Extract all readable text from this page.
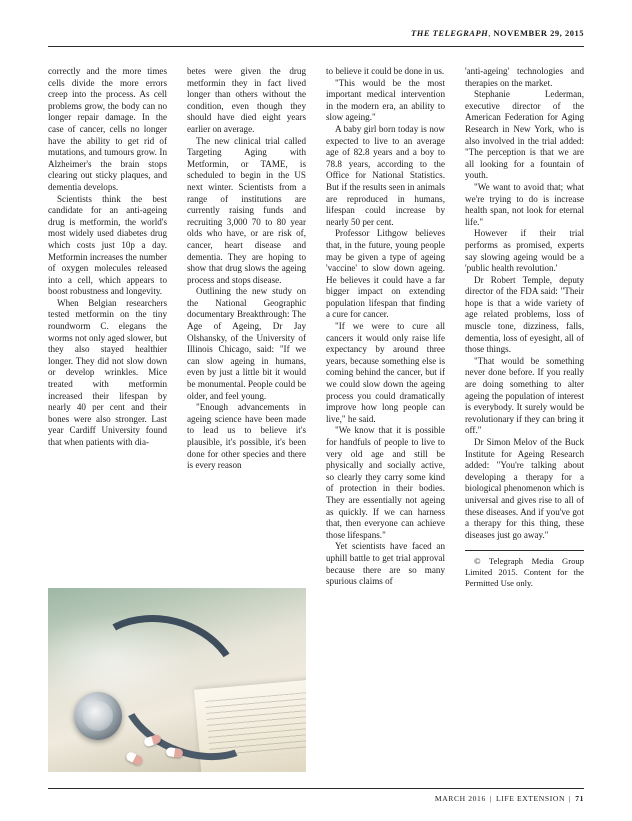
THE TELEGRAPH, NOVEMBER 29, 2015

correctly and the more times cells divide the more errors creep into the process. As cell problems grow, the body can no longer repair damage. In the case of cancer, cells no longer have the ability to get rid of mutations, and tumours grow. In Alzheimer's the brain stops clearing out sticky plaques, and dementia develops.

Scientists think the best candidate for an anti-ageing drug is metformin, the world's most widely used diabetes drug which costs just 10p a day. Metformin increases the number of oxygen molecules released into a cell, which appears to boost robustness and longevity.

When Belgian researchers tested metformin on the tiny roundworm C. elegans the worms not only aged slower, but they also stayed healthier longer. They did not slow down or develop wrinkles. Mice treated with metformin increased their lifespan by nearly 40 per cent and their bones were also stronger. Last year Cardiff University found that when patients with dia-

betes were given the drug metformin they in fact lived longer than others without the condition, even though they should have died eight years earlier on average.

The new clinical trial called Targeting Aging with Metformin, or TAME, is scheduled to begin in the US next winter. Scientists from a range of institutions are currently raising funds and recruiting 3,000 70 to 80 year olds who have, or are risk of, cancer, heart disease and dementia. They are hoping to show that drug slows the ageing process and stops disease.

Outlining the new study on the National Geographic documentary Breakthrough: The Age of Ageing, Dr Jay Olshansky, of the University of Illinois Chicago, said: "If we can slow ageing in humans, even by just a little bit it would be monumental. People could be older, and feel young.

"Enough advancements in ageing science have been made to lead us to believe it's plausible, it's possible, it's been done for other species and there is every reason

to believe it could be done in us.

"This would be the most important medical intervention in the modern era, an ability to slow ageing."

A baby girl born today is now expected to live to an average age of 82.8 years and a boy to 78.8 years, according to the Office for National Statistics. But if the results seen in animals are reproduced in humans, lifespan could increase by nearly 50 per cent.

Professor Lithgow believes that, in the future, young people may be given a type of ageing 'vaccine' to slow down ageing. He believes it could have a far bigger impact on extending population lifespan that finding a cure for cancer.

"If we were to cure all cancers it would only raise life expectancy by around three years, because something else is coming behind the cancer, but if we could slow down the ageing process you could dramatically improve how long people can live," he said.

"We know that it is possible for handfuls of people to live to very old age and still be physically and socially active, so clearly they carry some kind of protection in their bodies. They are essentially not ageing as quickly. If we can harness that, then everyone can achieve those lifespans."

Yet scientists have faced an uphill battle to get trial approval because there are so many spurious claims of

'anti-ageing' technologies and therapies on the market.

Stephanie Lederman, executive director of the American Federation for Aging Research in New York, who is also involved in the trial added: "The perception is that we are all looking for a fountain of youth.

"We want to avoid that; what we're trying to do is increase health span, not look for eternal life."

However if their trial performs as promised, experts say slowing ageing would be a 'public health revolution.'

Dr Robert Temple, deputy director of the FDA said: "Their hope is that a wide variety of age related problems, loss of muscle tone, dizziness, falls, dementia, loss of eyesight, all of those things.

"That would be something never done before. If you really are doing something to alter ageing the population of interest is everybody. It surely would be revolutionary if they can bring it off."

Dr Simon Melov of the Buck Institute for Ageing Research added: "You're talking about developing a therapy for a biological phenomenon which is universal and gives rise to all of these diseases. And if you've got a therapy for this thing, these diseases just go away."

© Telegraph Media Group Limited 2015. Content for the Permitted Use only.

MARCH 2016 | LIFE EXTENSION | 71
